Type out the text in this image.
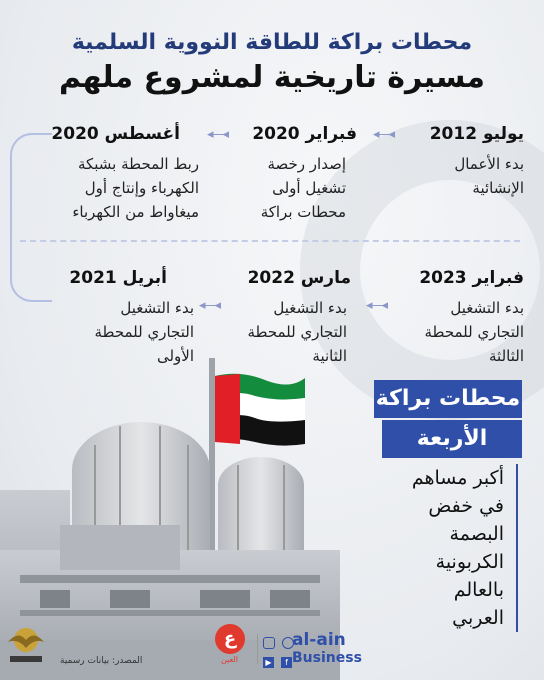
محطات براكة للطاقة النووية السلمية
مسيرة تاريخية لمشروع ملهم
يوليو 2012
بدء الأعمال
الإنشائية
◂—◂
فبراير 2020
إصدار رخصة
تشغيل أولى
محطات براكة
◂—◂
أغسطس 2020
ربط المحطة بشبكة
الكهرباء وإنتاج أول
ميغاواط من الكهرباء
فبراير 2023
بدء التشغيل
التجاري للمحطة
الثالثة
◂—◂
مارس 2022
بدء التشغيل
التجاري للمحطة
الثانية
◂—◂
أبريل 2021
بدء التشغيل
التجاري للمحطة
الأولى
محطات براكة
الأربعة
أكبر مساهم
في خفض
البصمة
الكربونية
بالعالم
العربي
ع
العين
	▶ f
al-ain
Business
المصدر: بيانات رسمية
